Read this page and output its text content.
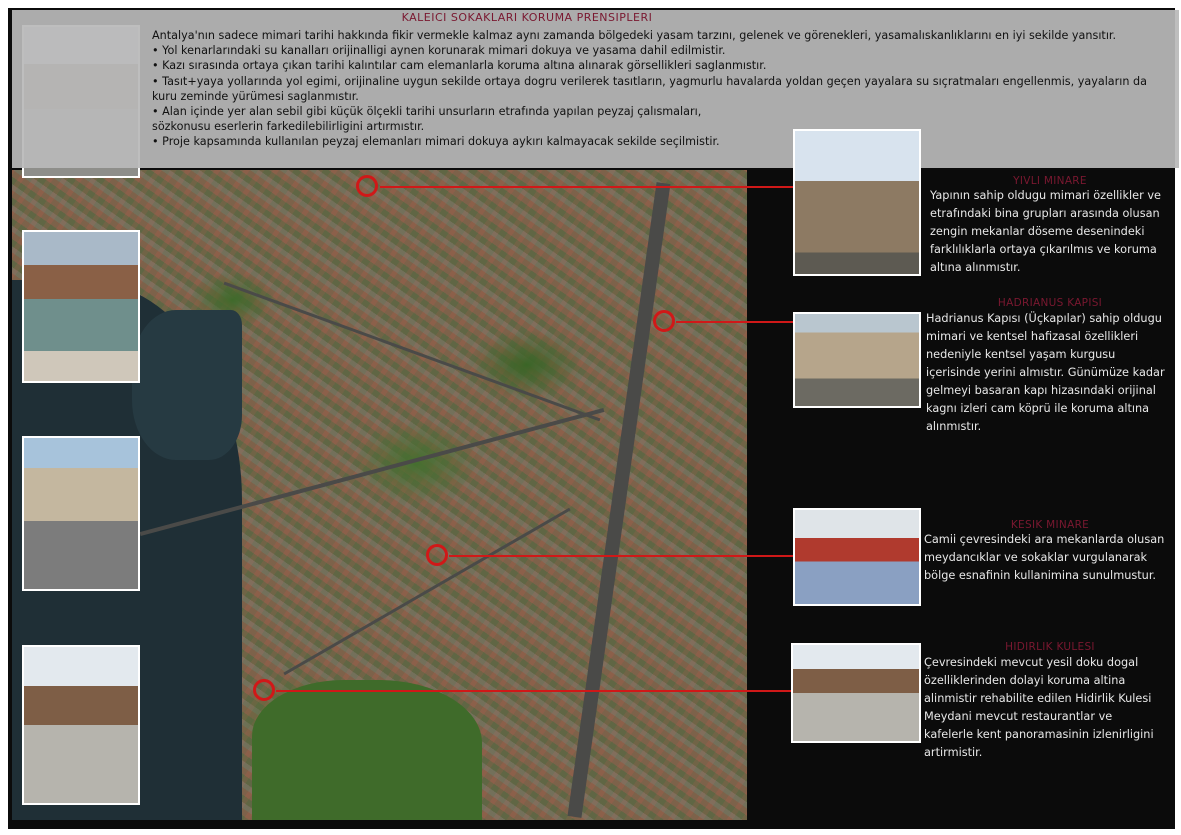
KALEICI SOKAKLARI KORUMA PRENSIPLERI
Antalya'nın sadece mimari tarihi hakkında fikir vermekle kalmaz aynı zamanda bölgedeki yasam tarzını, gelenek ve görenekleri, yasamalıskanlıklarını en iyi sekilde yansıtır.
• Yol kenarlarındaki su kanalları orijinalligi aynen korunarak mimari dokuya ve yasama dahil edilmistir.
• Kazı sırasında ortaya çıkan tarihi kalıntılar cam elemanlarla koruma altına alınarak görsellikleri saglanmıstır.
• Tasıt+yaya yollarında yol egimi, orijinaline uygun sekilde ortaya dogru verilerek tasıtların, yagmurlu havalarda yoldan geçen yayalara su sıçratmaları engellenmis, yayaların da kuru zeminde yürümesi saglanmıstır.
• Alan içinde yer alan sebil gibi küçük ölçekli tarihi unsurların etrafında yapılan peyzaj çalısmaları, sözkonusu eserlerin farkedilebilirligini artırmıstır.
• Proje kapsamında kullanılan peyzaj elemanları mimari dokuya aykırı kalmayacak sekilde seçilmistir.
YIVLI MINARE

Yapının sahip oldugu mimari özellikler ve etrafındaki bina grupları arasında olusan zengin mekanlar döseme desenindeki farklılıklarla ortaya çıkarılmıs ve koruma altına alınmıstır.

HADRIANUS KAPISI

Hadrianus Kapısı (Üçkapılar) sahip oldugu mimari ve kentsel hafizasal özellikleri nedeniyle kentsel yaşam kurgusu içerisinde yerini almıstır. Günümüze kadar gelmeyi basaran kapı hizasındaki orijinal kagnı izleri cam köprü ile koruma altına alınmıstır.

KESIK MINARE

Camii çevresindeki ara mekanlarda olusan meydancıklar ve sokaklar vurgulanarak bölge esnafinin kullanimina sunulmustur.

HIDIRLIK KULESI

Çevresindeki mevcut yesil doku dogal özelliklerinden dolayi koruma altina alinmistir rehabilite edilen Hidirlik Kulesi Meydani mevcut restaurantlar ve kafelerle kent panoramasinin izlenirligini artirmistir.
